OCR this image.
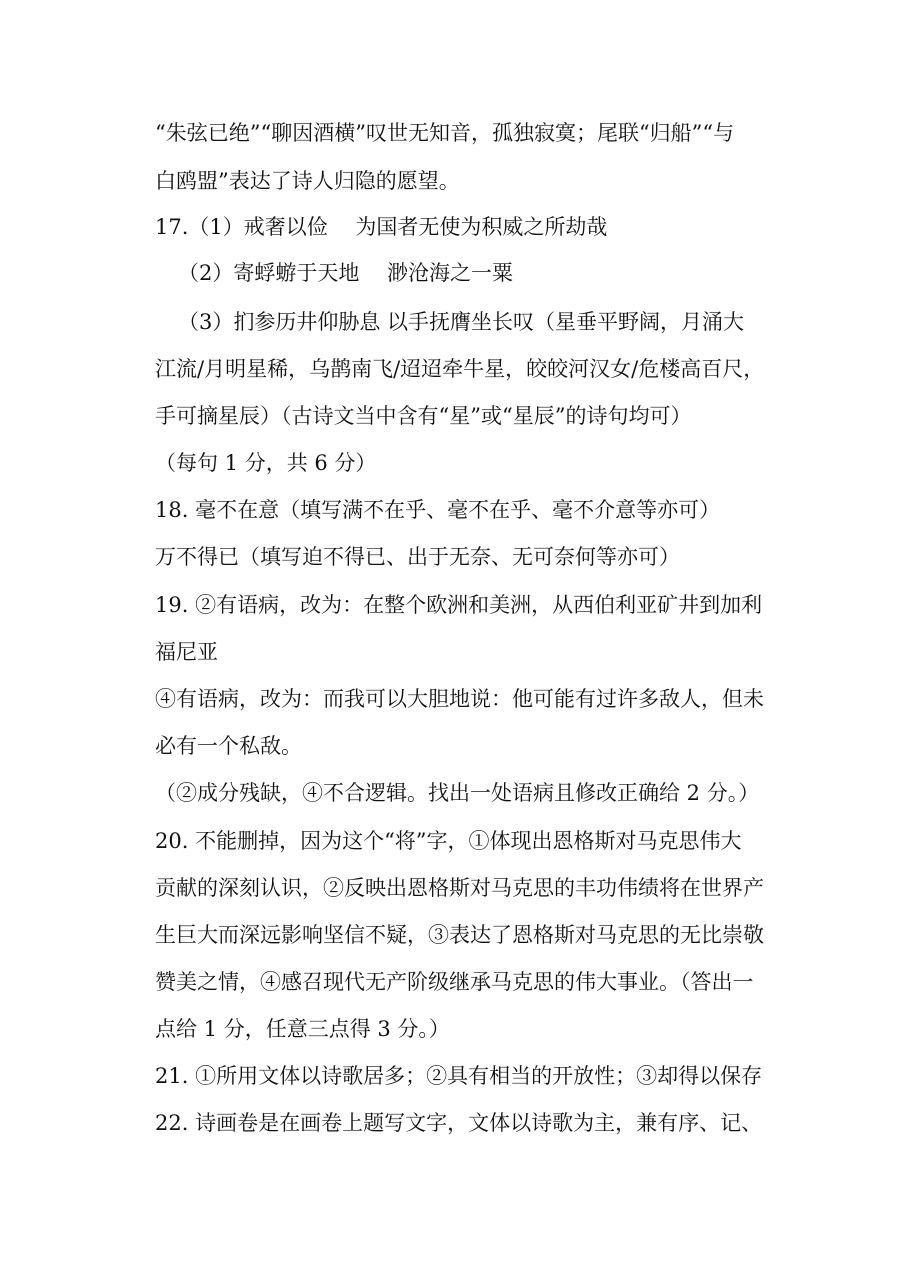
“朱弦已绝”“聊因酒横”叹世无知音，孤独寂寞；尾联“归船”“与
白鸥盟”表达了诗人归隐的愿望。
17.（1）戒奢以俭　 为国者无使为积威之所劫哉
（2）寄蜉蝣于天地　 渺沧海之一粟
（3）扪参历井仰胁息 以手抚膺坐长叹（星垂平野阔，月涌大
江流/月明星稀，乌鹊南飞/迢迢牵牛星，皎皎河汉女/危楼高百尺，
手可摘星辰）（古诗文当中含有“星”或“星辰”的诗句均可）
（每句 1 分，共 6 分）
18. 毫不在意（填写满不在乎、毫不在乎、毫不介意等亦可）
万不得已（填写迫不得已、出于无奈、无可奈何等亦可）
19. ②有语病，改为：在整个欧洲和美洲，从西伯利亚矿井到加利
福尼亚
④有语病，改为：而我可以大胆地说：他可能有过许多敌人，但未
必有一个私敌。
（②成分残缺，④不合逻辑。找出一处语病且修改正确给 2 分。）
20. 不能删掉，因为这个“将”字，①体现出恩格斯对马克思伟大
贡献的深刻认识，②反映出恩格斯对马克思的丰功伟绩将在世界产
生巨大而深远影响坚信不疑，③表达了恩格斯对马克思的无比崇敬
赞美之情，④感召现代无产阶级继承马克思的伟大事业。（答出一
点给 1 分，任意三点得 3 分。）
21. ①所用文体以诗歌居多；②具有相当的开放性；③却得以保存
22. 诗画卷是在画卷上题写文字，文体以诗歌为主，兼有序、记、
